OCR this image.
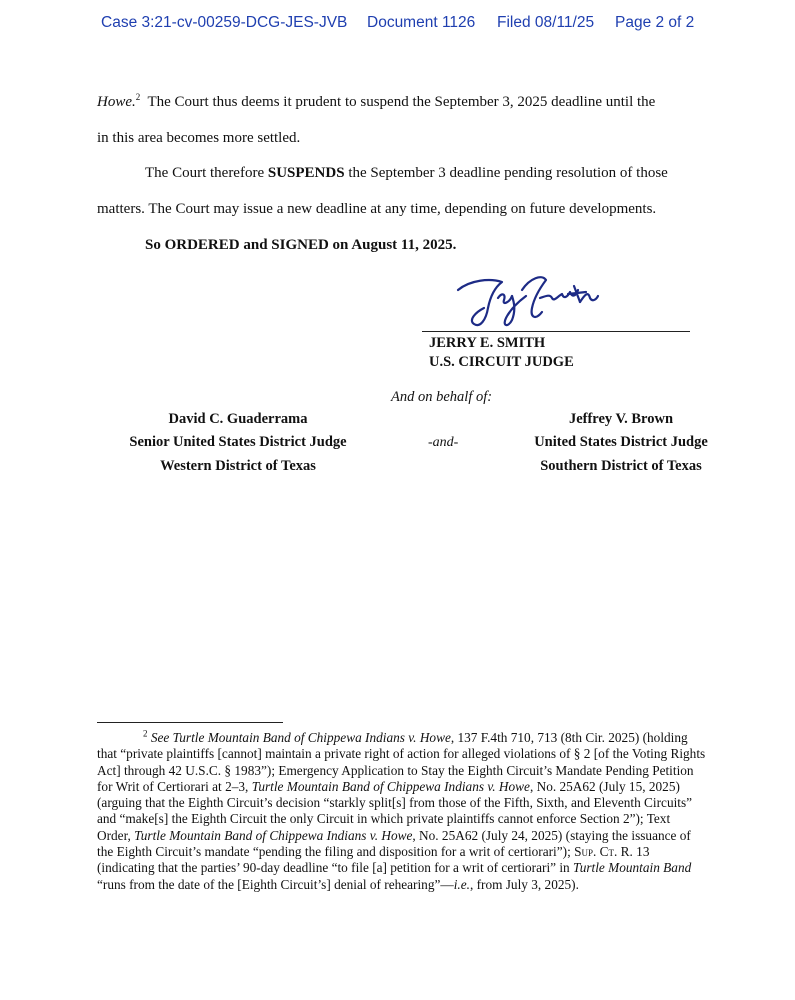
Case 3:21-cv-00259-DCG-JES-JVB Document 1126 Filed 08/11/25 Page 2 of 2
Howe.$^2$ The Court thus deems it prudent to suspend the September 3, 2025 deadline until the
in this area becomes more settled.
The Court therefore SUSPENDS the September 3 deadline pending resolution of those
matters. The Court may issue a new deadline at any time, depending on future developments.
So ORDERED and SIGNED on August 11, 2025.
JERRY E. SMITH
U.S. CIRCUIT JUDGE
And on behalf of:
David C. Guaderrama
Senior United States District Judge
Western District of Texas
-and-
Jeffrey V. Brown
United States District Judge
Southern District of Texas

$^2$ See Turtle Mountain Band of Chippewa Indians v. Howe, 137 F.4th 710, 713 (8th Cir. 2025) (holding that “private plaintiffs [cannot] maintain a private right of action for alleged violations of § 2 [of the Voting Rights Act] through 42 U.S.C. § 1983”); Emergency Application to Stay the Eighth Circuit’s Mandate Pending Petition for Writ of Certiorari at 2–3, Turtle Mountain Band of Chippewa Indians v. Howe, No. 25A62 (July 15, 2025) (arguing that the Eighth Circuit’s decision “starkly split[s] from those of the Fifth, Sixth, and Eleventh Circuits” and “make[s] the Eighth Circuit the only Circuit in which private plaintiffs cannot enforce Section 2”); Text Order, Turtle Mountain Band of Chippewa Indians v. Howe, No. 25A62 (July 24, 2025) (staying the issuance of the Eighth Circuit’s mandate “pending the filing and disposition for a writ of certiorari”); Sup. Ct. R. 13 (indicating that the parties’ 90-day deadline “to file [a] petition for a writ of certiorari” in Turtle Mountain Band “runs from the date of the [Eighth Circuit’s] denial of rehearing”—i.e., from July 3, 2025).
